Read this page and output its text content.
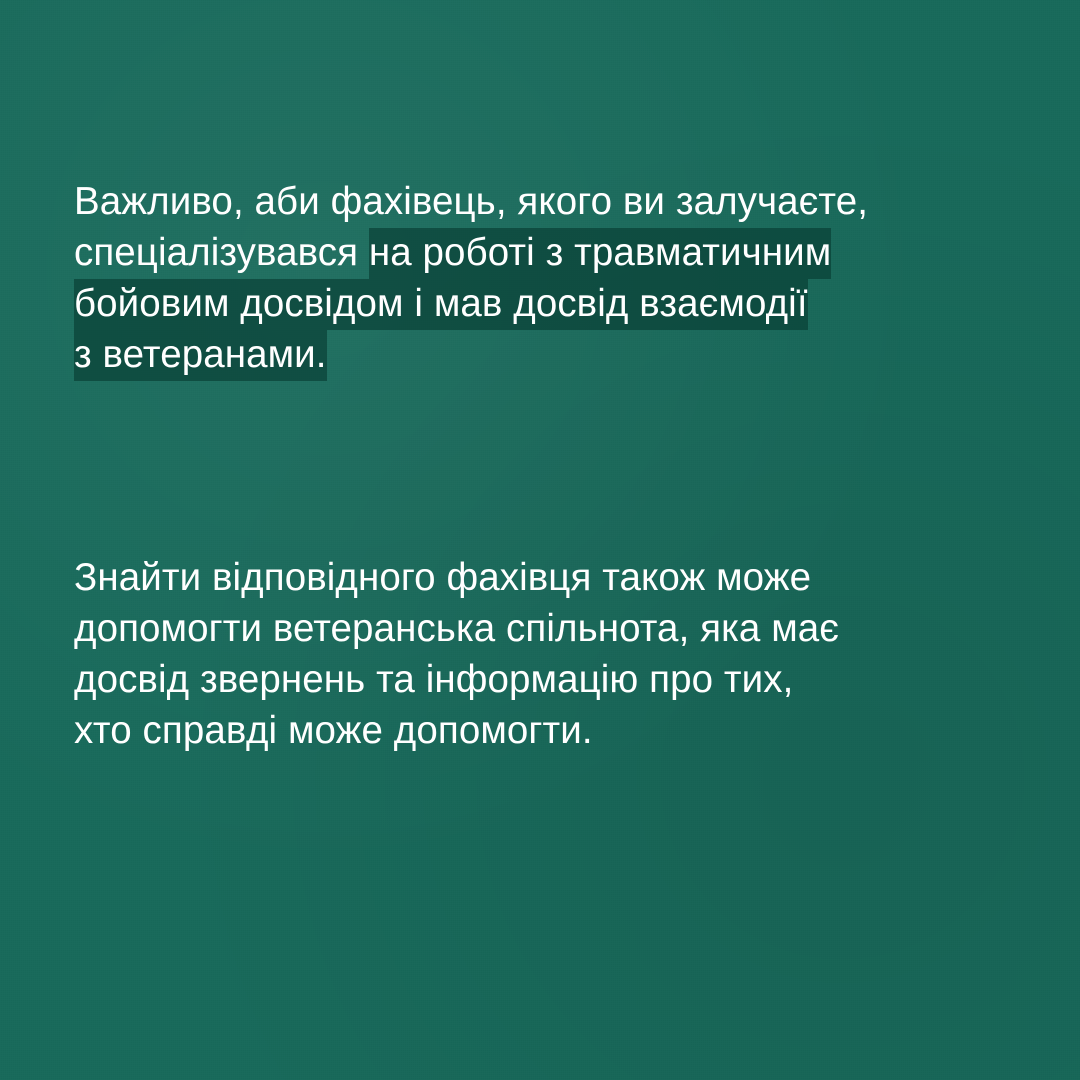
Важливо, аби фахівець, якого ви залучаєте,
спеціалізувався на роботі з травматичним
бойовим досвідом і мав досвід взаємодії
з ветеранами.

Знайти відповідного фахівця також може
допомогти ветеранська спільнота, яка має
досвід звернень та інформацію про тих,
хто справді може допомогти.
